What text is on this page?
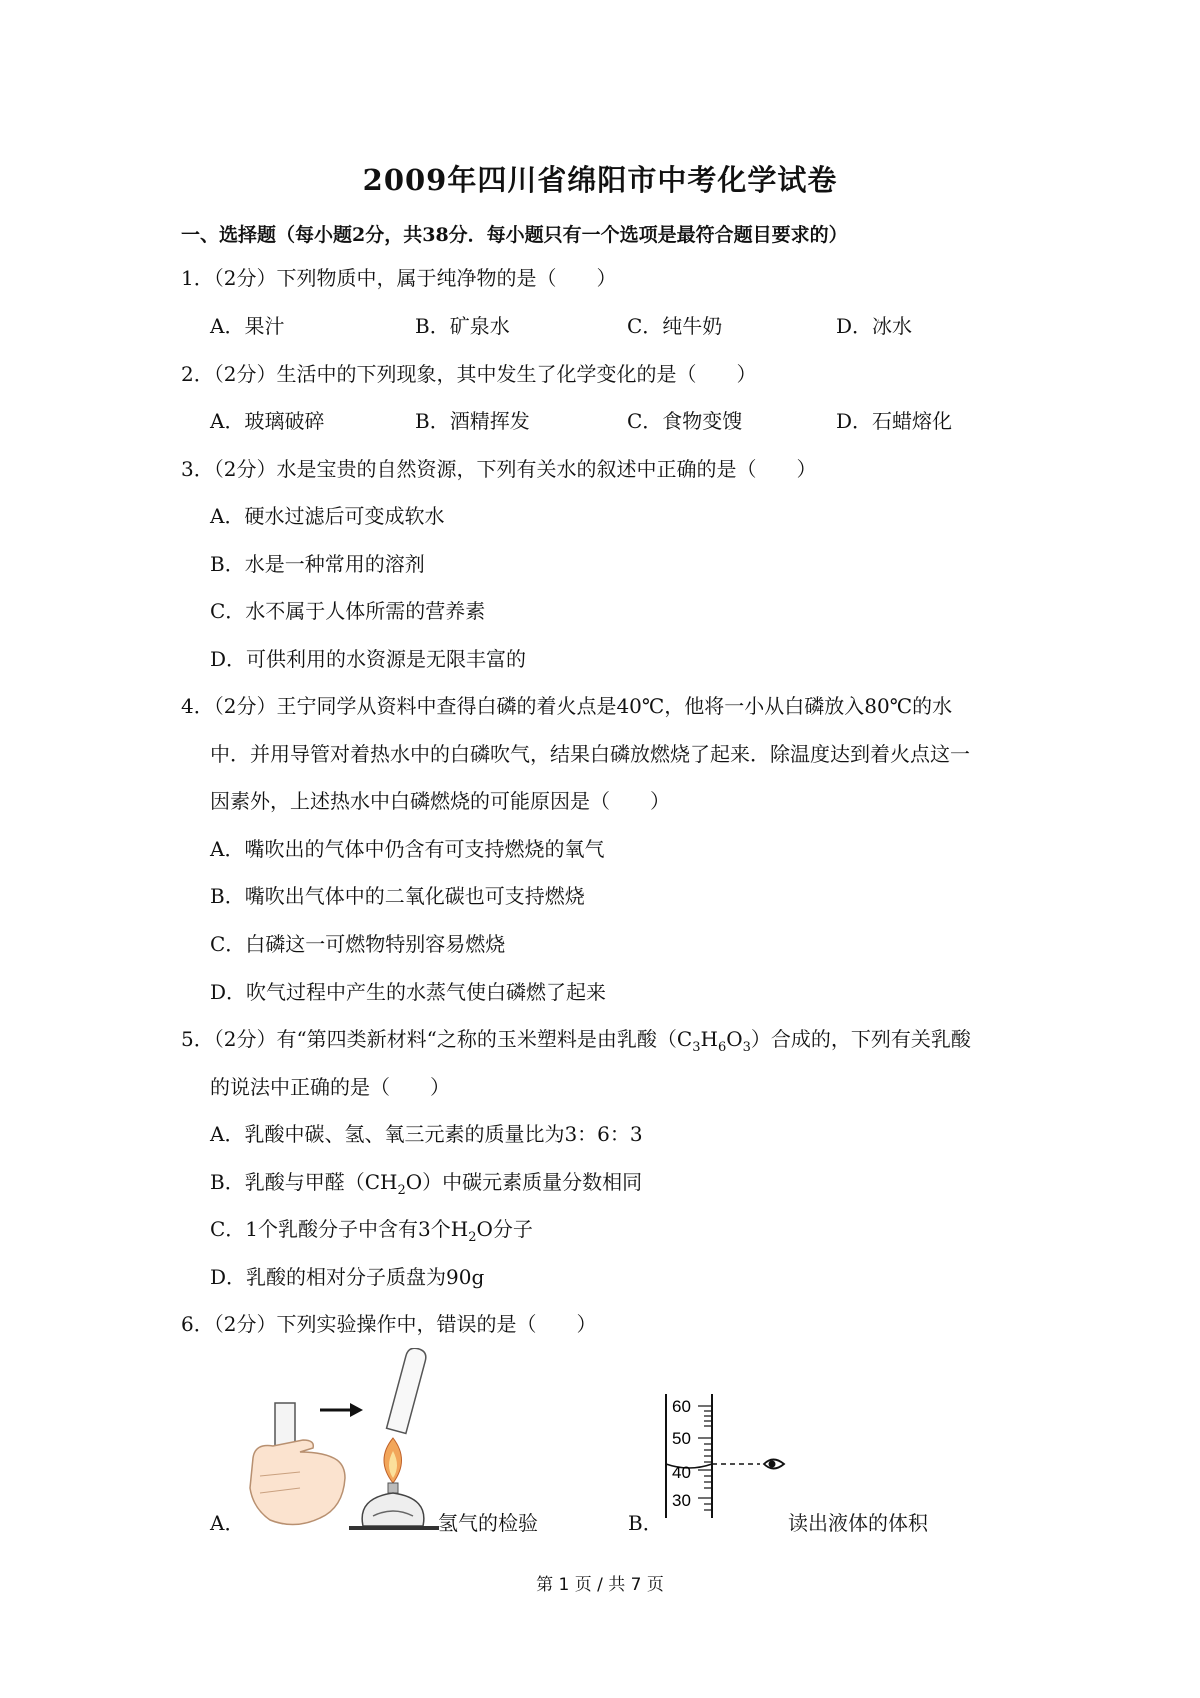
2009年四川省绵阳市中考化学试卷
一、选择题（每小题2分，共38分．每小题只有一个选项是最符合题目要求的）
1．（2分）下列物质中，属于纯净物的是（　　）
A．果汁	B．矿泉水	C．纯牛奶	D．冰水
2．（2分）生活中的下列现象，其中发生了化学变化的是（　　）
A．玻璃破碎	B．酒精挥发	C．食物变馊	D．石蜡熔化
3．（2分）水是宝贵的自然资源，下列有关水的叙述中正确的是（　　）
A．硬水过滤后可变成软水
B．水是一种常用的溶剂
C．水不属于人体所需的营养素
D．可供利用的水资源是无限丰富的
4．（2分）王宁同学从资料中查得白磷的着火点是40℃，他将一小从白磷放入80℃的水
中．并用导管对着热水中的白磷吹气，结果白磷放燃烧了起来．除温度达到着火点这一
因素外，上述热水中白磷燃烧的可能原因是（　　）
A．嘴吹出的气体中仍含有可支持燃烧的氧气
B．嘴吹出气体中的二氧化碳也可支持燃烧
C．白磷这一可燃物特别容易燃烧
D．吹气过程中产生的水蒸气使白磷燃了起来
5．（2分）有“第四类新材料“之称的玉米塑料是由乳酸$(C_3H_6O_3)$合成的，下列有关乳酸
的说法中正确的是（　　）
A．乳酸中碳、氢、氧三元素的质量比为3：6：3
B．乳酸与甲醛$(CH_2O)$中碳元素质量分数相同
C．1个乳酸分子中含有3个$H_2O$分子
D．乳酸的相对分子质盘为90g
6．（2分）下列实验操作中，错误的是（　　）
A．	氢气的检验	B．
60
50
40
30
读出液体的体积
第 1 页 / 共 7 页
